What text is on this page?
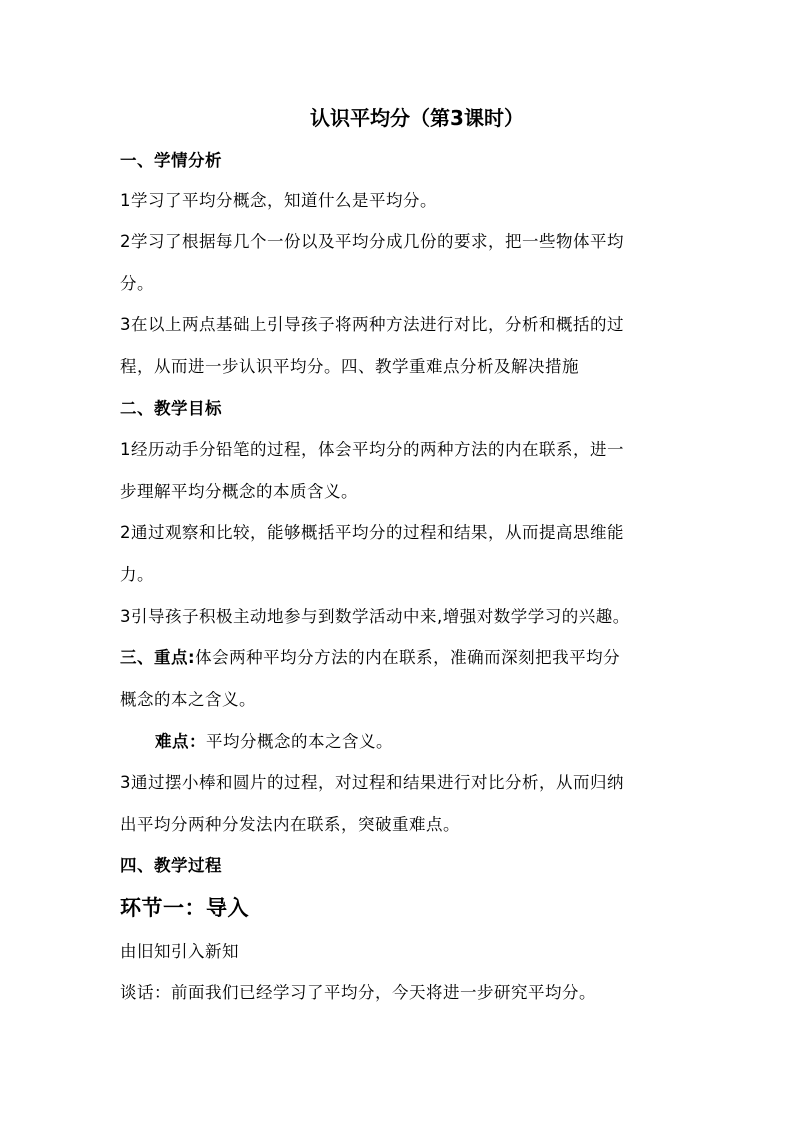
认识平均分（第3课时）
一、学情分析
1学习了平均分概念，知道什么是平均分。
2学习了根据每几个一份以及平均分成几份的要求，把一些物体平均
分。
3在以上两点基础上引导孩子将两种方法进行对比，分析和概括的过
程，从而进一步认识平均分。四、教学重难点分析及解决措施
二、教学目标
1经历动手分铅笔的过程，体会平均分的两种方法的内在联系，进一
步理解平均分概念的本质含义。
2通过观察和比较，能够概括平均分的过程和结果，从而提高思维能
力。
3引导孩子积极主动地参与到数学活动中来,增强对数学学习的兴趣。
三、重点:体会两种平均分方法的内在联系，准确而深刻把我平均分
概念的本之含义。
难点：平均分概念的本之含义。
3通过摆小棒和圆片的过程，对过程和结果进行对比分析，从而归纳
出平均分两种分发法内在联系，突破重难点。
四、教学过程
环节一：导入
由旧知引入新知
谈话：前面我们已经学习了平均分，今天将进一步研究平均分。
